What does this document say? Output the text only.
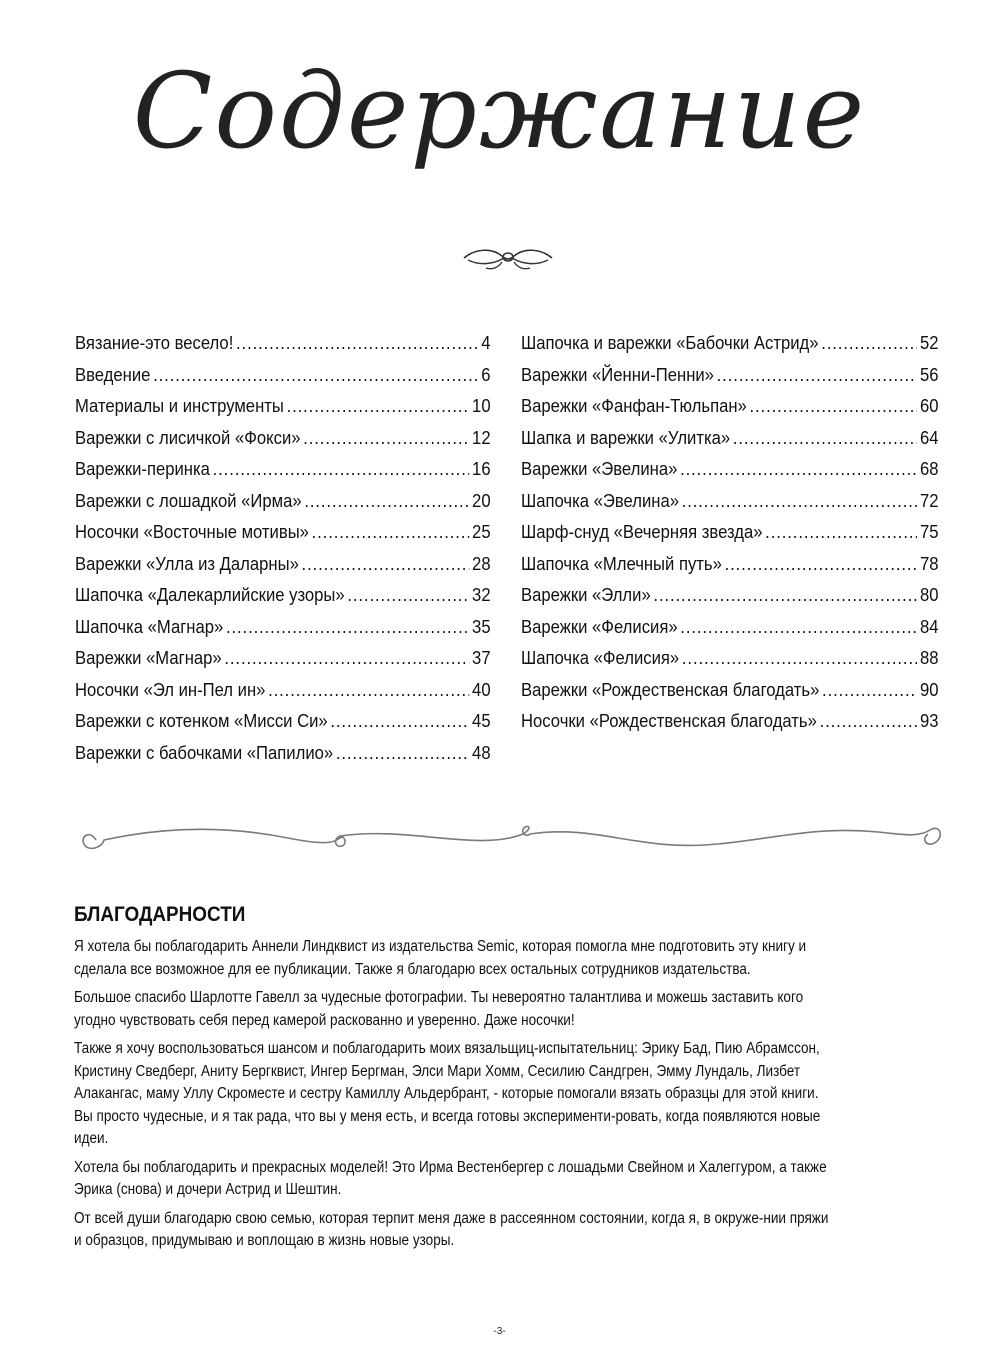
Содержание
Вязание-это весело! .....	4
Введение .....	6
Материалы и инструменты .....	10
Варежки с лисичкой «Фокси» .....	12
Варежки-перинка .....	16
Варежки с лошадкой «Ирма» .....	20
Носочки «Восточные мотивы» .....	25
Варежки «Улла из Даларны» .....	28
Шапочка «Далекарлийские узоры» .....	32
Шапочка «Магнар» .....	35
Варежки «Магнар» .....	37
Носочки «Эл ин-Пел ин» .....	40
Варежки с котенком «Мисси Си» .....	45
Варежки с бабочками «Папилио» .....	48
Шапочка и варежки «Бабочки Астрид» .....	52
Варежки «Йенни-Пенни» .....	56
Варежки «Фанфан-Тюльпан» .....	60
Шапка и варежки «Улитка» .....	64
Варежки «Эвелина» .....	68
Шапочка «Эвелина» .....	72
Шарф-снуд «Вечерняя звезда» .....	75
Шапочка «Млечный путь» .....	78
Варежки «Элли» .....	80
Варежки «Фелисия» .....	84
Шапочка «Фелисия» .....	88
Варежки «Рождественская благодать» .....	90
Носочки «Рождественская благодать» .....	93
БЛАГОДАРНОСТИ

Я хотела бы поблагодарить Аннели Линдквист из издательства Semic, которая помогла мне подготовить эту книгу и сделала все возможное для ее публикации. Также я благодарю всех остальных сотрудников издательства.

Большое спасибо Шарлотте Гавелл за чудесные фотографии. Ты невероятно талантлива и можешь заставить кого угодно чувствовать себя перед камерой раскованно и уверенно. Даже носочки!

Также я хочу воспользоваться шансом и поблагодарить моих вязальщиц-испытательниц: Эрику Бад, Пию Абрамссон, Кристину Сведберг, Аниту Бергквист, Ингер Бергман, Элси Мари Хомм, Сесилию Сандгрен, Эмму Лундаль, Лизбет Алакангас, маму Уллу Скроместе и сестру Камиллу Альдербрант, - которые помогали вязать образцы для этой книги. Вы просто чудесные, и я так рада, что вы у меня есть, и всегда готовы эксперименти-ровать, когда появляются новые идеи.

Хотела бы поблагодарить и прекрасных моделей! Это Ирма Вестенбергер с лошадьми Свейном и Халеггуром, а также Эрика (снова) и дочери Астрид и Шештин.

От всей души благодарю свою семью, которая терпит меня даже в рассеянном состоянии, когда я, в окруже-нии пряжи и образцов, придумываю и воплощаю в жизнь новые узоры.

-3-
